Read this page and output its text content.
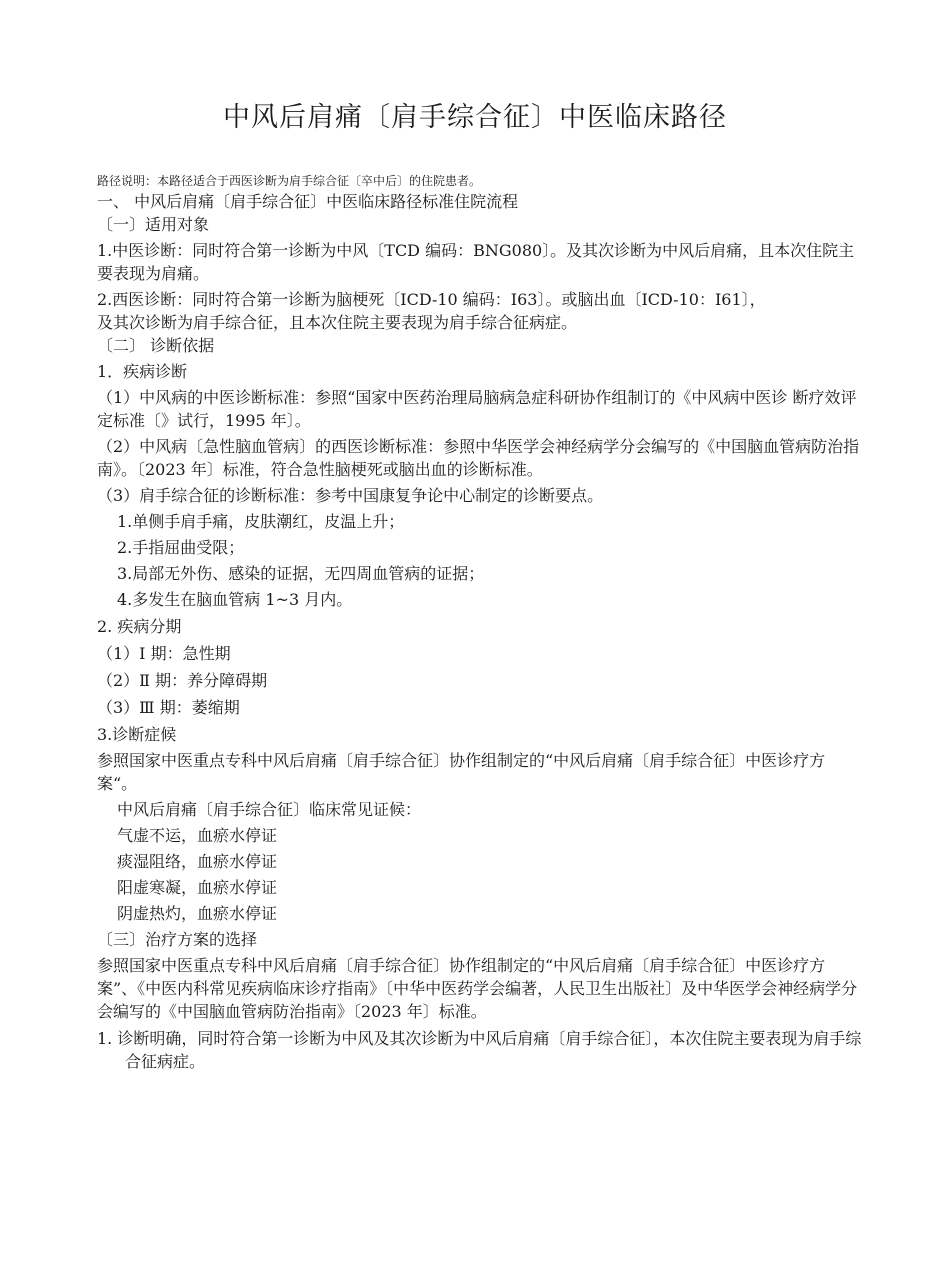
中风后肩痛〔肩手综合征〕中医临床路径
路径说明：本路径适合于西医诊断为肩手综合征〔卒中后〕的住院患者。

一、 中风后肩痛〔肩手综合征〕中医临床路径标准住院流程

〔一〕适用对象

1.中医诊断：同时符合第一诊断为中风〔TCD 编码：BNG080〕。及其次诊断为中风后肩痛，且本次住院主要表现为肩痛。

2.西医诊断：同时符合第一诊断为脑梗死〔ICD-10 编码：I63〕。或脑出血〔ICD-10：I61〕，

及其次诊断为肩手综合征，且本次住院主要表现为肩手综合征病症。

〔二〕 诊断依据

1．疾病诊断

（1）中风病的中医诊断标准：参照“国家中医药治理局脑病急症科研协作组制订的《中风病中医诊 断疗效评定标准〔》试行，1995 年〕。

（2）中风病〔急性脑血管病〕的西医诊断标准：参照中华医学会神经病学分会编写的《中国脑血管病防治指南》。〔2023 年〕标准，符合急性脑梗死或脑出血的诊断标准。

（3）肩手综合征的诊断标准：参考中国康复争论中心制定的诊断要点。

1.单侧手肩手痛，皮肤潮红，皮温上升；

2.手指屈曲受限；

3.局部无外伤、感染的证据，无四周血管病的证据；

4.多发生在脑血管病 1~3 月内。

2. 疾病分期

（1）Ⅰ 期：急性期

（2）Ⅱ 期：养分障碍期

（3）Ⅲ 期：萎缩期

3.诊断症候

参照国家中医重点专科中风后肩痛〔肩手综合征〕协作组制定的“中风后肩痛〔肩手综合征〕中医诊疗方案“。

中风后肩痛〔肩手综合征〕临床常见证候：

气虚不运，血瘀水停证

痰湿阻络，血瘀水停证

阳虚寒凝，血瘀水停证

阴虚热灼，血瘀水停证

〔三〕治疗方案的选择

参照国家中医重点专科中风后肩痛〔肩手综合征〕协作组制定的“中风后肩痛〔肩手综合征〕中医诊疗方案”、《中医内科常见疾病临床诊疗指南》〔中华中医药学会编著，人民卫生出版社〕及中华医学会神经病学分会编写的《中国脑血管病防治指南》〔2023 年〕标准。

1. 诊断明确，同时符合第一诊断为中风及其次诊断为中风后肩痛〔肩手综合征〕，本次住院主要表现为肩手综合征病症。
